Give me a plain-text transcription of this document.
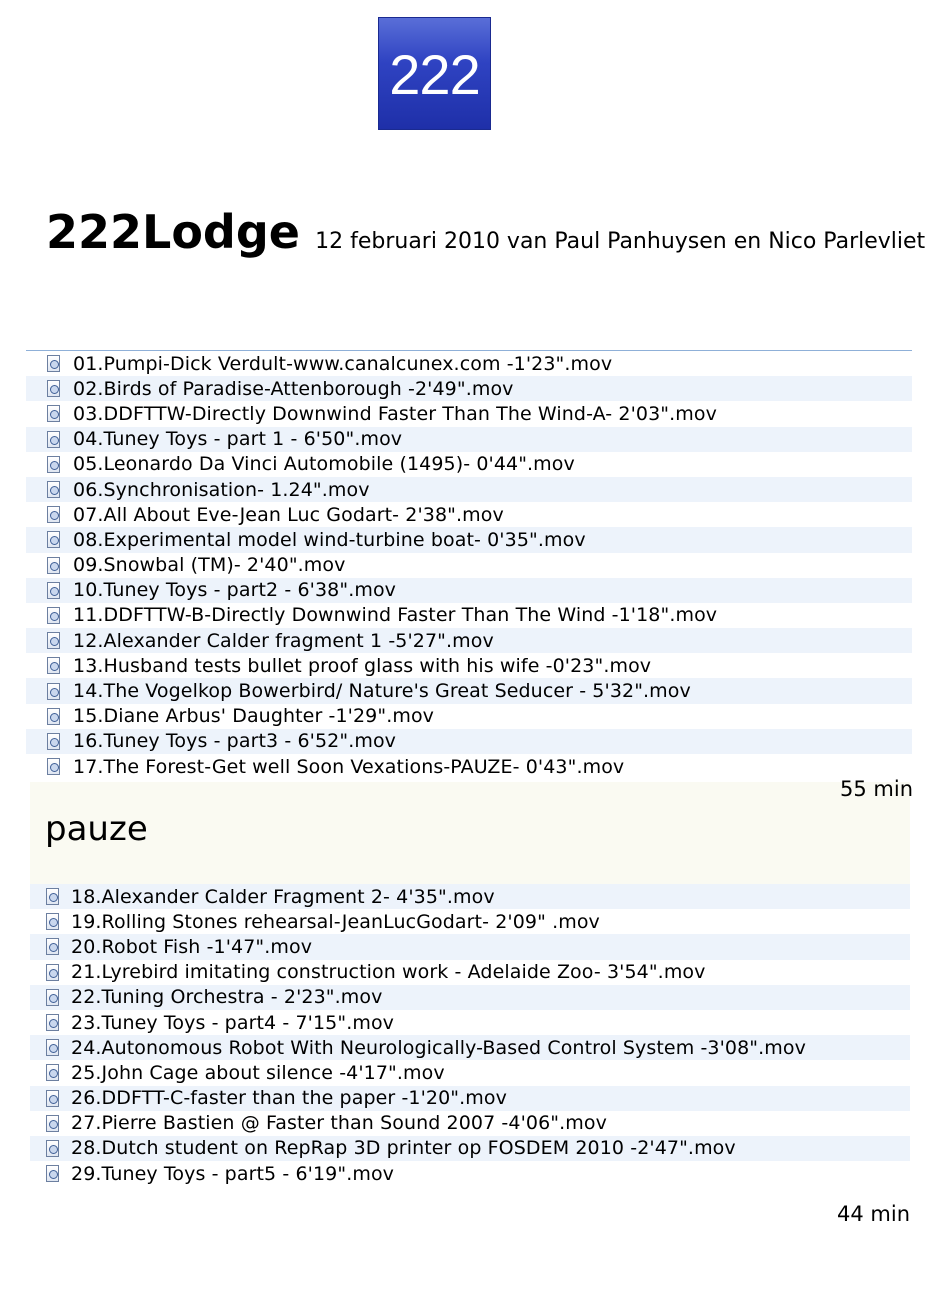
222
222Lodge 12 februari 2010 van Paul Panhuysen en Nico Parlevliet
01.Pumpi-Dick Verdult-www.canalcunex.com -1'23".mov
02.Birds of Paradise-Attenborough -2'49".mov
03.DDFTTW-Directly Downwind Faster Than The Wind-A- 2'03".mov
04.Tuney Toys - part 1 - 6'50".mov
05.Leonardo Da Vinci Automobile (1495)- 0'44".mov
06.Synchronisation- 1.24".mov
07.All About Eve-Jean Luc Godart- 2'38".mov
08.Experimental model wind-turbine boat- 0'35".mov
09.Snowbal (TM)- 2'40".mov
10.Tuney Toys - part2 - 6'38".mov
11.DDFTTW-B-Directly Downwind Faster Than The Wind -1'18".mov
12.Alexander Calder fragment 1 -5'27".mov
13.Husband tests bullet proof glass with his wife -0'23".mov
14.The Vogelkop Bowerbird/ Nature's Great Seducer - 5'32".mov
15.Diane Arbus' Daughter -1'29".mov
16.Tuney Toys - part3 - 6'52".mov
17.The Forest-Get well Soon Vexations-PAUZE- 0'43".mov
55 min
pauze
18.Alexander Calder Fragment 2- 4'35".mov
19.Rolling Stones rehearsal-JeanLucGodart- 2'09" .mov
20.Robot Fish -1'47".mov
21.Lyrebird imitating construction work - Adelaide Zoo- 3'54".mov
22.Tuning Orchestra - 2'23".mov
23.Tuney Toys - part4 - 7'15".mov
24.Autonomous Robot With Neurologically-Based Control System -3'08".mov
25.John Cage about silence -4'17".mov
26.DDFTT-C-faster than the paper -1'20".mov
27.Pierre Bastien @ Faster than Sound 2007 -4'06".mov
28.Dutch student on RepRap 3D printer op FOSDEM 2010 -2'47".mov
29.Tuney Toys - part5 - 6'19".mov
44 min
